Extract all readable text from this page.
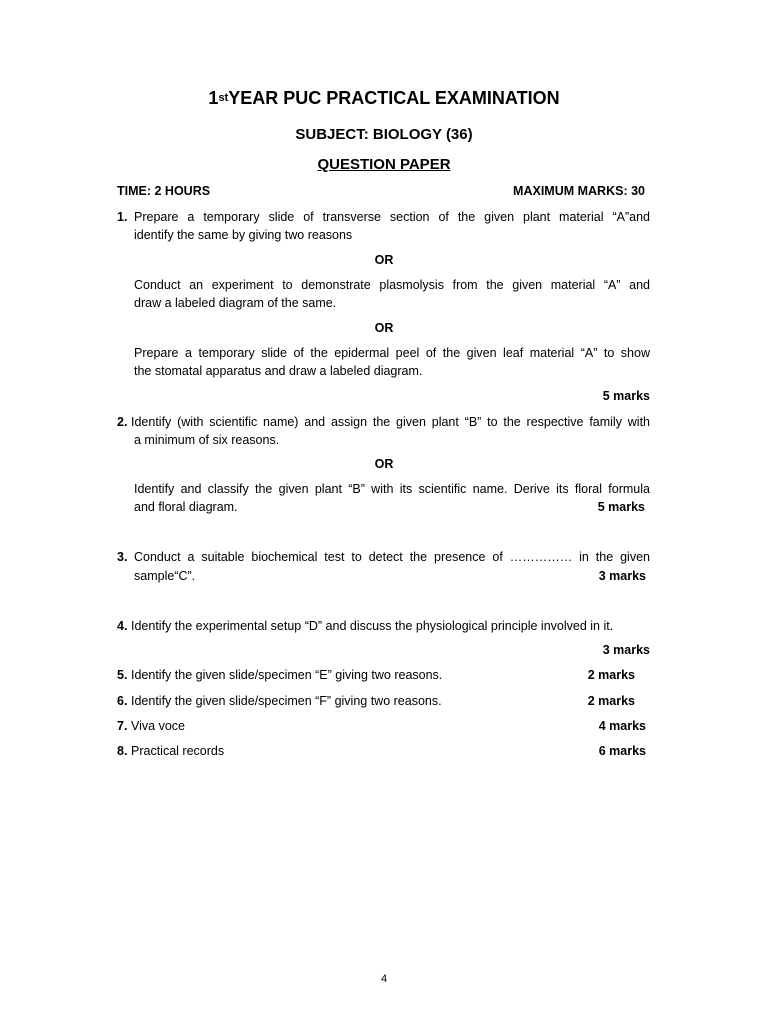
1stYEAR PUC PRACTICAL EXAMINATION
SUBJECT: BIOLOGY (36)
QUESTION PAPER
TIME: 2 HOURS	MAXIMUM MARKS: 30
1. Prepare a temporary slide of transverse section of the given plant material “A”and
identify the same by giving two reasons
OR
Conduct an experiment to demonstrate plasmolysis from the given material “A” and
draw a labeled diagram of the same.
OR
Prepare a temporary slide of the epidermal peel of the given leaf material “A” to show
the stomatal apparatus and draw a labeled diagram.
5 marks
2. Identify (with scientific name) and assign the given plant “B” to the respective family with
a minimum of six reasons.
OR
Identify and classify the given plant “B” with its scientific name. Derive its floral formula
and floral diagram.	5 marks
3. Conduct a suitable biochemical test to detect the presence of …………… in the given
sample“C”.	3 marks
4. Identify the experimental setup “D” and discuss the physiological principle involved in it.
3 marks
5. Identify the given slide/specimen “E” giving two reasons.	2 marks
6. Identify the given slide/specimen “F” giving two reasons.	2 marks
7. Viva voce	4 marks
8. Practical records	6 marks
4
